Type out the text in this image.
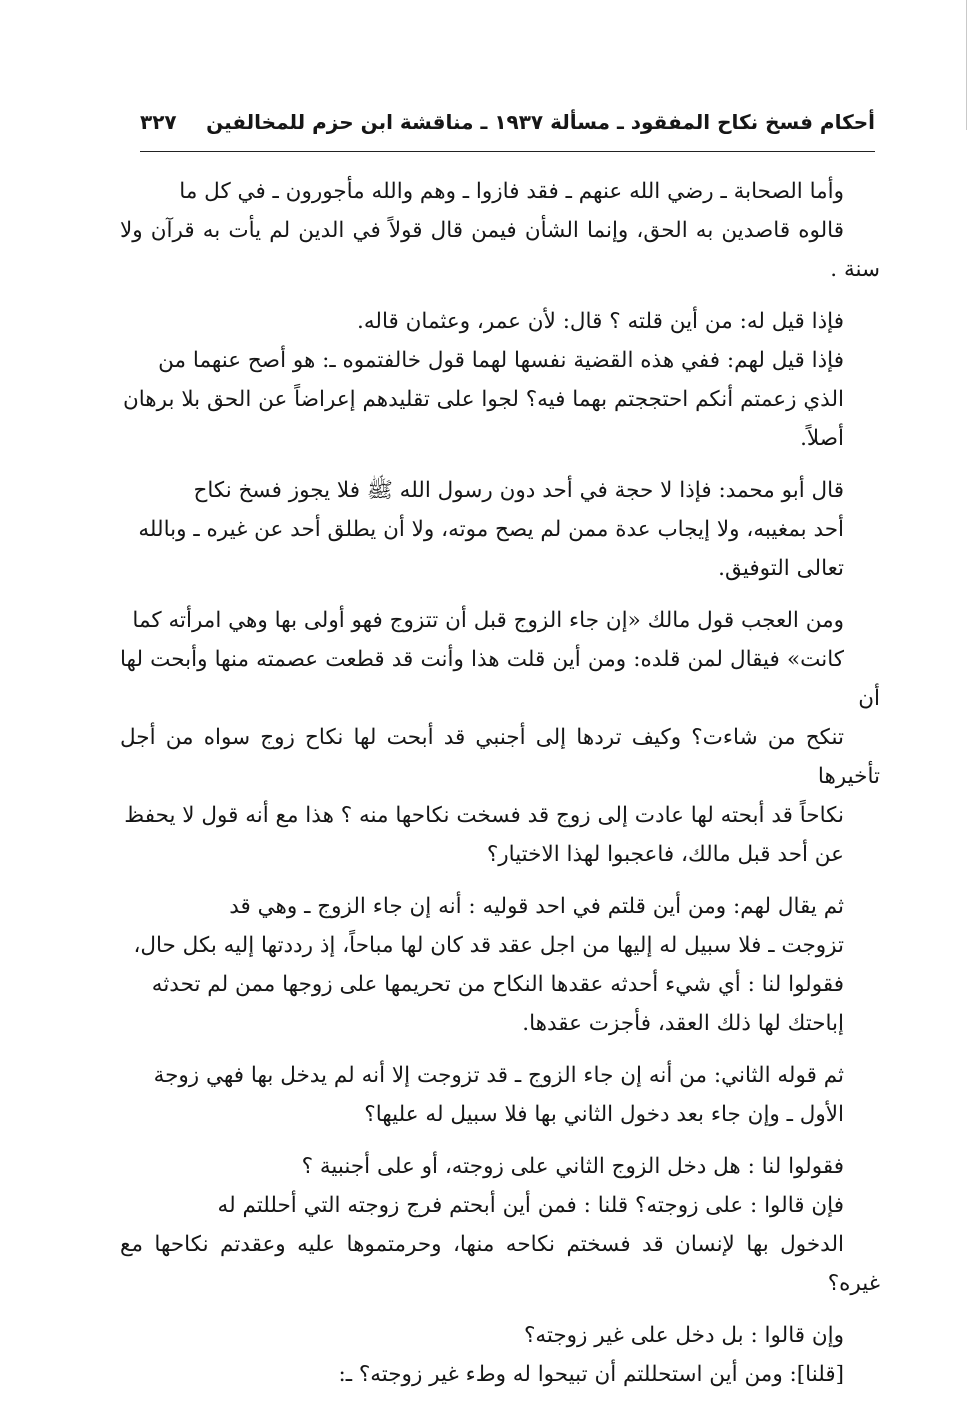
أحكام فسخ نكاح المفقود ـ مسألة ١٩٣٧ ـ مناقشة ابن حزم للمخالفين
٣٢٧

وأما الصحابة ـ رضي الله عنهم ـ فقد فازوا ـ وهم والله مأجورون ـ في كل ما
قالوه قاصدين به الحق، وإنما الشأن فيمن قال قولاً في الدين لم يأت به قرآن ولا سنة .

فإذا قيل له: من أين قلته ؟ قال: لأن عمر، وعثمان قاله.

فإذا قيل لهم: ففي هذه القضية نفسها لهما قول خالفتموه ـ: هو أصح عنهما من
الذي زعمتم أنكم احتججتم بهما فيه؟ لجوا على تقليدهم إعراضاً عن الحق بلا برهان
أصلاً.

قال أبو محمد: فإذا لا حجة في أحد دون رسول الله ﷺ فلا يجوز فسخ نكاح
أحد بمغيبه، ولا إيجاب عدة ممن لم يصح موته، ولا أن يطلق أحد عن غيره ـ وبالله
تعالى التوفيق.

ومن العجب قول مالك «إن جاء الزوج قبل أن تتزوج فهو أولى بها وهي امرأته كما
كانت» فيقال لمن قلده: ومن أين قلت هذا وأنت قد قطعت عصمته منها وأبحت لها أن
تنكح من شاءت؟ وكيف تردها إلى أجنبي قد أبحت لها نكاح زوج سواه من أجل تأخيرها
نكاحاً قد أبحته لها عادت إلى زوج قد فسخت نكاحها منه ؟ هذا مع أنه قول لا يحفظ
عن أحد قبل مالك، فاعجبوا لهذا الاختيار؟

ثم يقال لهم: ومن أين قلتم في احد قوليه : أنه إن جاء الزوج ـ وهي قد
تزوجت ـ فلا سبيل له إليها من اجل عقد قد كان لها مباحاً، إذ رددتها إليه بكل حال،
فقولوا لنا : أي شيء أحدثه عقدها النكاح من تحريمها على زوجها ممن لم تحدثه
إباحتك لها ذلك العقد، فأجزت عقدها.

ثم قوله الثاني: من أنه إن جاء الزوج ـ قد تزوجت إلا أنه لم يدخل بها فهي زوجة
الأول ـ وإن جاء بعد دخول الثاني بها فلا سبيل له عليها؟

فقولوا لنا : هل دخل الزوج الثاني على زوجته، أو على أجنبية ؟

فإن قالوا : على زوجته؟ قلنا : فمن أين أبحتم فرج زوجته التي أحللتم له
الدخول بها لإنسان قد فسختم نكاحه منها، وحرمتموها عليه وعقدتم نكاحها مع غيره؟

وإن قالوا : بل دخل على غير زوجته؟

[قلنا]: ومن أين استحللتم أن تبيحوا له وطء غير زوجته؟ ـ:
